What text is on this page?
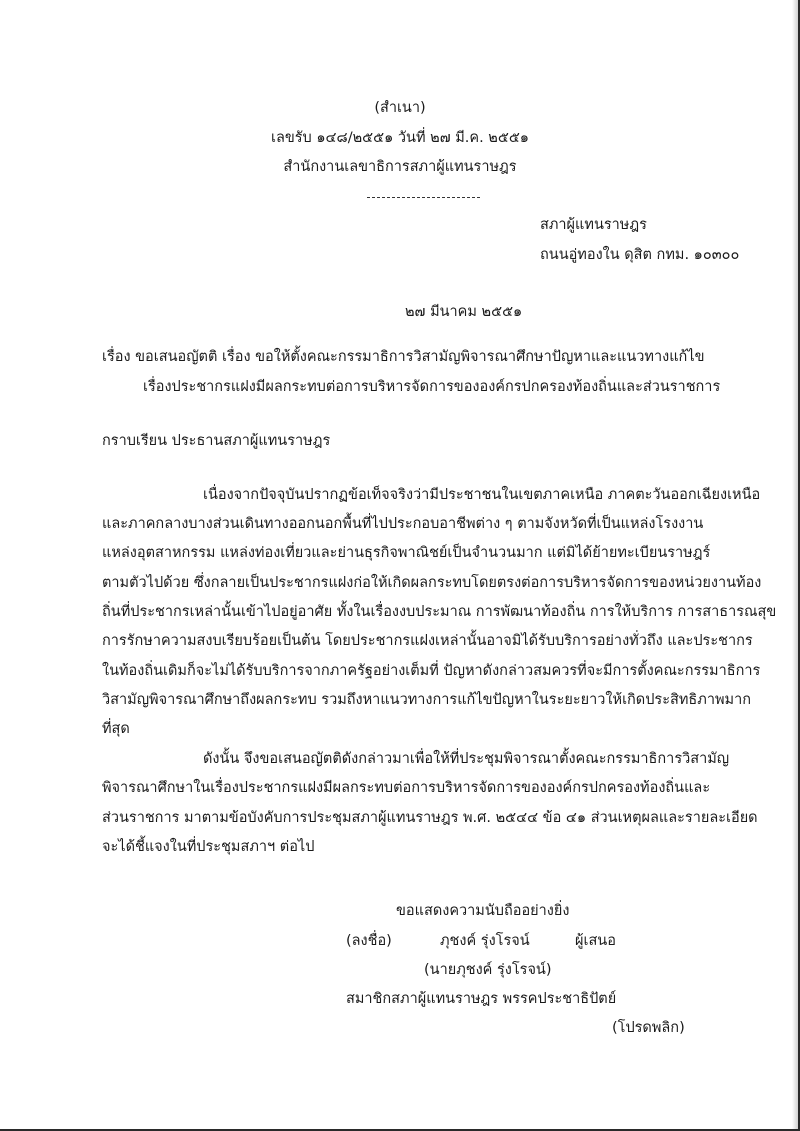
(สำเนา)
เลขรับ ๑๔๘/๒๕๕๑ วันที่ ๒๗ มี.ค. ๒๕๕๑
สำนักงานเลขาธิการสภาผู้แทนราษฎร
สภาผู้แทนราษฎร
ถนนอู่ทองใน ดุสิต กทม. ๑๐๓๐๐
๒๗ มีนาคม ๒๕๕๑
เรื่อง ขอเสนอญัตติ เรื่อง ขอให้ตั้งคณะกรรมาธิการวิสามัญพิจารณาศึกษาปัญหาและแนวทางแก้ไข
เรื่องประชากรแฝงมีผลกระทบต่อการบริหารจัดการขององค์กรปกครองท้องถิ่นและส่วนราชการ
กราบเรียน ประธานสภาผู้แทนราษฎร
เนื่องจากปัจจุบันปรากฏข้อเท็จจริงว่ามีประชาชนในเขตภาคเหนือ ภาคตะวันออกเฉียงเหนือ
และภาคกลางบางส่วนเดินทางออกนอกพื้นที่ไปประกอบอาชีพต่าง ๆ ตามจังหวัดที่เป็นแหล่งโรงงาน
แหล่งอุตสาหกรรม แหล่งท่องเที่ยวและย่านธุรกิจพาณิชย์เป็นจำนวนมาก แต่มิได้ย้ายทะเบียนราษฎร์
ตามตัวไปด้วย ซึ่งกลายเป็นประชากรแฝงก่อให้เกิดผลกระทบโดยตรงต่อการบริหารจัดการของหน่วยงานท้อง
ถิ่นที่ประชากรเหล่านั้นเข้าไปอยู่อาศัย ทั้งในเรื่องงบประมาณ การพัฒนาท้องถิ่น การให้บริการ การสาธารณสุข
การรักษาความสงบเรียบร้อยเป็นต้น โดยประชากรแฝงเหล่านั้นอาจมิได้รับบริการอย่างทั่วถึง และประชากร
ในท้องถิ่นเดิมก็จะไม่ได้รับบริการจากภาครัฐอย่างเต็มที่ ปัญหาดังกล่าวสมควรที่จะมีการตั้งคณะกรรมาธิการ
วิสามัญพิจารณาศึกษาถึงผลกระทบ รวมถึงหาแนวทางการแก้ไขปัญหาในระยะยาวให้เกิดประสิทธิภาพมาก
ที่สุด
ดังนั้น จึงขอเสนอญัตติดังกล่าวมาเพื่อให้ที่ประชุมพิจารณาตั้งคณะกรรมาธิการวิสามัญ
พิจารณาศึกษาในเรื่องประชากรแฝงมีผลกระทบต่อการบริหารจัดการขององค์กรปกครองท้องถิ่นและ
ส่วนราชการ มาตามข้อบังคับการประชุมสภาผู้แทนราษฎร พ.ศ. ๒๕๔๔ ข้อ ๔๑ ส่วนเหตุผลและรายละเอียด
จะได้ชี้แจงในที่ประชุมสภาฯ ต่อไป
ขอแสดงความนับถืออย่างยิ่ง
(ลงชื่อ)	ภุชงค์ รุ่งโรจน์	ผู้เสนอ
(นายภุชงค์ รุ่งโรจน์)
สมาชิกสภาผู้แทนราษฎร พรรคประชาธิปัตย์
(โปรดพลิก)
